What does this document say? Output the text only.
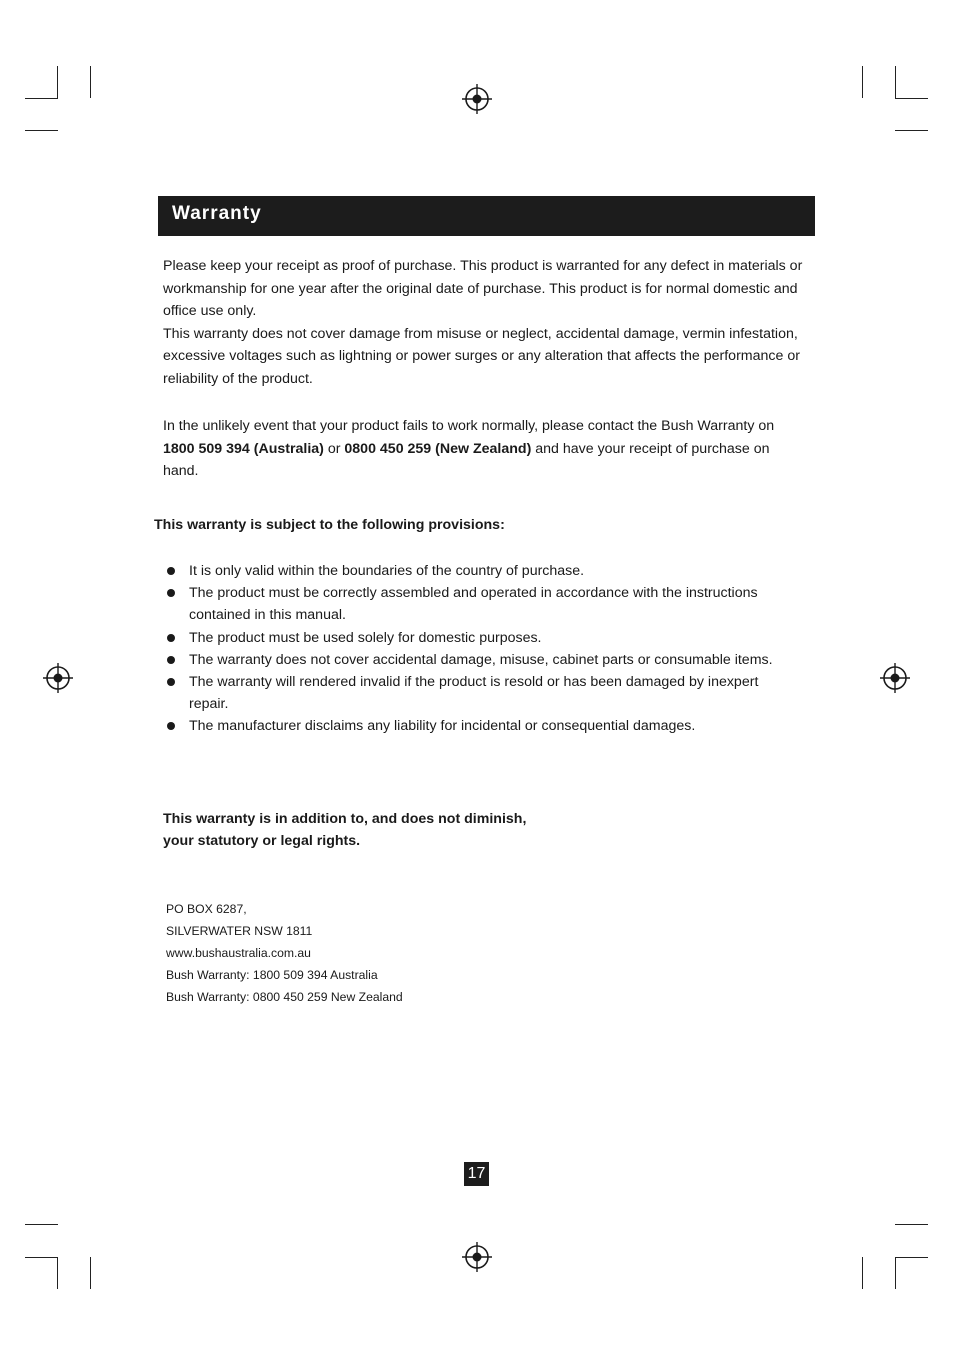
Warranty

Please keep your receipt as proof of purchase. This product is warranted for any defect in materials or workmanship for one year after the original date of purchase. This product is for normal domestic and office use only.

This warranty does not cover damage from misuse or neglect, accidental damage, vermin infestation, excessive voltages such as lightning or power surges or any alteration that affects the performance or reliability of the product.

In the unlikely event that your product fails to work normally, please contact the Bush Warranty on 1800 509 394 (Australia) or 0800 450 259 (New Zealand) and have your receipt of purchase on hand.

This warranty is subject to the following provisions:
It is only valid within the boundaries of the country of purchase.
The product must be correctly assembled and operated in accordance with the instructions contained in this manual.
The product must be used solely for domestic purposes.
The warranty does not cover accidental damage, misuse, cabinet parts or consumable items.
The warranty will rendered invalid if the product is resold or has been damaged by inexpert repair.
The manufacturer disclaims any liability for incidental or consequential damages.
This warranty is in addition to, and does not diminish,
your statutory or legal rights.
PO BOX 6287,
SILVERWATER NSW 1811
www.bushaustralia.com.au
Bush Warranty: 1800 509 394 Australia
Bush Warranty: 0800 450 259 New Zealand
17
